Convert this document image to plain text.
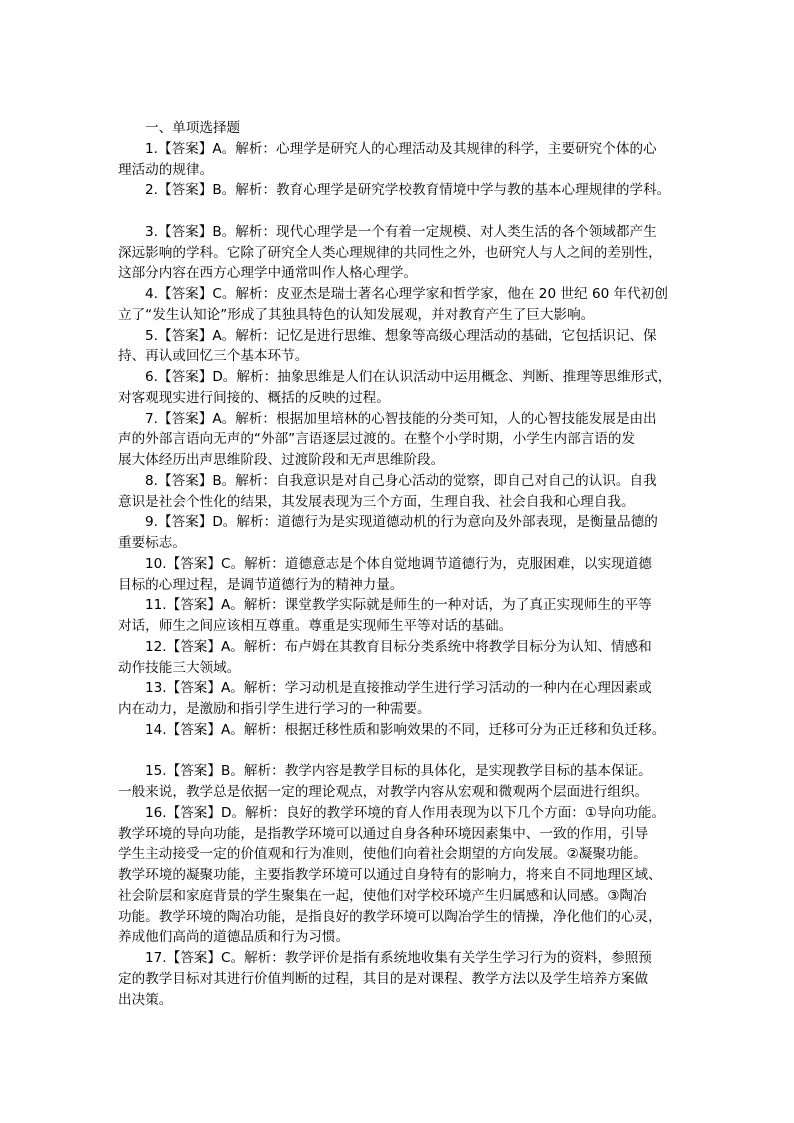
一、单项选择题
1.【答案】A。解析：心理学是研究人的心理活动及其规律的科学，主要研究个体的心
理活动的规律。
2.【答案】B。解析：教育心理学是研究学校教育情境中学与教的基本心理规律的学科。
3.【答案】B。解析：现代心理学是一个有着一定规模、对人类生活的各个领域都产生
深远影响的学科。它除了研究全人类心理规律的共同性之外，也研究人与人之间的差别性，
这部分内容在西方心理学中通常叫作人格心理学。
4.【答案】C。解析：皮亚杰是瑞士著名心理学家和哲学家，他在 20 世纪 60 年代初创
立了“发生认知论”形成了其独具特色的认知发展观，并对教育产生了巨大影响。
5.【答案】A。解析：记忆是进行思维、想象等高级心理活动的基础，它包括识记、保
持、再认或回忆三个基本环节。
6.【答案】D。解析：抽象思维是人们在认识活动中运用概念、判断、推理等思维形式，
对客观现实进行间接的、概括的反映的过程。
7.【答案】A。解析：根据加里培林的心智技能的分类可知，人的心智技能发展是由出
声的外部言语向无声的“外部”言语逐层过渡的。在整个小学时期，小学生内部言语的发
展大体经历出声思维阶段、过渡阶段和无声思维阶段。
8.【答案】B。解析：自我意识是对自己身心活动的觉察，即自己对自己的认识。自我
意识是社会个性化的结果，其发展表现为三个方面，生理自我、社会自我和心理自我。
9.【答案】D。解析：道德行为是实现道德动机的行为意向及外部表现，是衡量品德的
重要标志。
10.【答案】C。解析：道德意志是个体自觉地调节道德行为，克服困难，以实现道德
目标的心理过程，是调节道德行为的精神力量。
11.【答案】A。解析：课堂教学实际就是师生的一种对话，为了真正实现师生的平等
对话，师生之间应该相互尊重。尊重是实现师生平等对话的基础。
12.【答案】A。解析：布卢姆在其教育目标分类系统中将教学目标分为认知、情感和
动作技能三大领域。
13.【答案】A。解析：学习动机是直接推动学生进行学习活动的一种内在心理因素或
内在动力，是激励和指引学生进行学习的一种需要。
14.【答案】A。解析：根据迁移性质和影响效果的不同，迁移可分为正迁移和负迁移。
15.【答案】B。解析：教学内容是教学目标的具体化，是实现教学目标的基本保证。
一般来说，教学总是依据一定的理论观点，对教学内容从宏观和微观两个层面进行组织。
16.【答案】D。解析：良好的教学环境的育人作用表现为以下几个方面：①导向功能。
教学环境的导向功能，是指教学环境可以通过自身各种环境因素集中、一致的作用，引导
学生主动接受一定的价值观和行为准则，使他们向着社会期望的方向发展。②凝聚功能。
教学环境的凝聚功能，主要指教学环境可以通过自身特有的影响力，将来自不同地理区域、
社会阶层和家庭背景的学生聚集在一起，使他们对学校环境产生归属感和认同感。③陶冶
功能。教学环境的陶冶功能，是指良好的教学环境可以陶冶学生的情操，净化他们的心灵，
养成他们高尚的道德品质和行为习惯。
17.【答案】C。解析：教学评价是指有系统地收集有关学生学习行为的资料，参照预
定的教学目标对其进行价值判断的过程，其目的是对课程、教学方法以及学生培养方案做
出决策。
